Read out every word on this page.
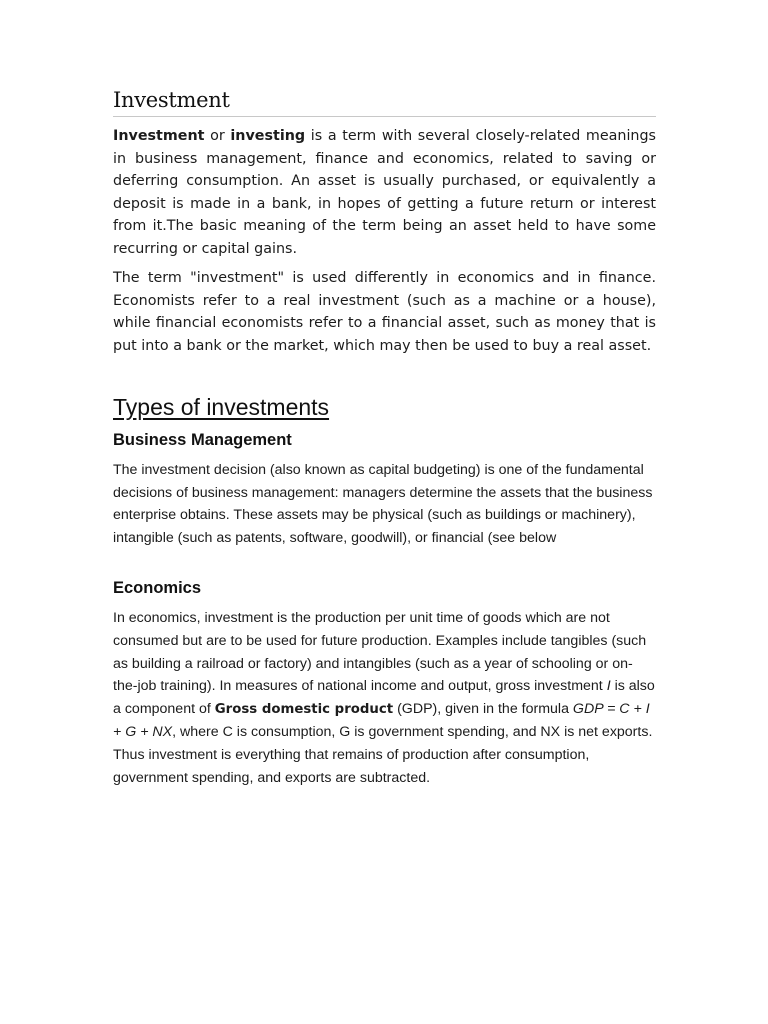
Investment

Investment or investing is a term with several closely-related meanings in business management, finance and economics, related to saving or deferring consumption. An asset is usually purchased, or equivalently a deposit is made in a bank, in hopes of getting a future return or interest from it.The basic meaning of the term being an asset held to have some recurring or capital gains.

The term "investment" is used differently in economics and in finance. Economists refer to a real investment (such as a machine or a house), while financial economists refer to a financial asset, such as money that is put into a bank or the market, which may then be used to buy a real asset.

Types of investments
Business Management

The investment decision (also known as capital budgeting) is one of the fundamental decisions of business management: managers determine the assets that the business enterprise obtains. These assets may be physical (such as buildings or machinery), intangible (such as patents, software, goodwill), or financial (see below

Economics

In economics, investment is the production per unit time of goods which are not consumed but are to be used for future production. Examples include tangibles (such as building a railroad or factory) and intangibles (such as a year of schooling or on-the-job training). In measures of national income and output, gross investment I is also a component of Gross domestic product (GDP), given in the formula GDP = C + I + G + NX, where C is consumption, G is government spending, and NX is net exports. Thus investment is everything that remains of production after consumption, government spending, and exports are subtracted.
